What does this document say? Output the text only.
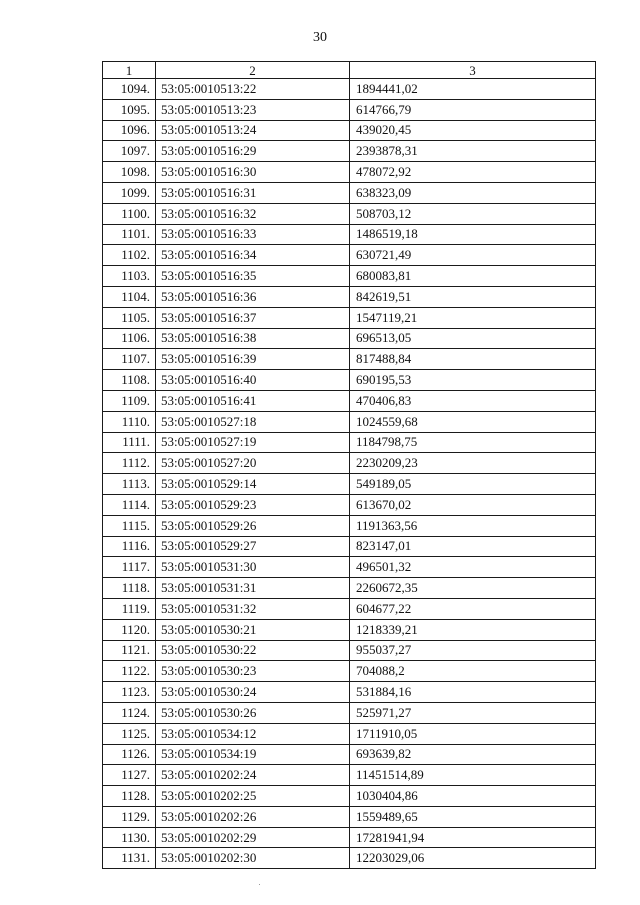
30
1	2	3
1094.	53:05:0010513:22	1894441,02
1095.	53:05:0010513:23	614766,79
1096.	53:05:0010513:24	439020,45
1097.	53:05:0010516:29	2393878,31
1098.	53:05:0010516:30	478072,92
1099.	53:05:0010516:31	638323,09
1100.	53:05:0010516:32	508703,12
1101.	53:05:0010516:33	1486519,18
1102.	53:05:0010516:34	630721,49
1103.	53:05:0010516:35	680083,81
1104.	53:05:0010516:36	842619,51
1105.	53:05:0010516:37	1547119,21
1106.	53:05:0010516:38	696513,05
1107.	53:05:0010516:39	817488,84
1108.	53:05:0010516:40	690195,53
1109.	53:05:0010516:41	470406,83
1110.	53:05:0010527:18	1024559,68
1111.	53:05:0010527:19	1184798,75
1112.	53:05:0010527:20	2230209,23
1113.	53:05:0010529:14	549189,05
1114.	53:05:0010529:23	613670,02
1115.	53:05:0010529:26	1191363,56
1116.	53:05:0010529:27	823147,01
1117.	53:05:0010531:30	496501,32
1118.	53:05:0010531:31	2260672,35
1119.	53:05:0010531:32	604677,22
1120.	53:05:0010530:21	1218339,21
1121.	53:05:0010530:22	955037,27
1122.	53:05:0010530:23	704088,2
1123.	53:05:0010530:24	531884,16
1124.	53:05:0010530:26	525971,27
1125.	53:05:0010534:12	1711910,05
1126.	53:05:0010534:19	693639,82
1127.	53:05:0010202:24	11451514,89
1128.	53:05:0010202:25	1030404,86
1129.	53:05:0010202:26	1559489,65
1130.	53:05:0010202:29	17281941,94
1131.	53:05:0010202:30	12203029,06
